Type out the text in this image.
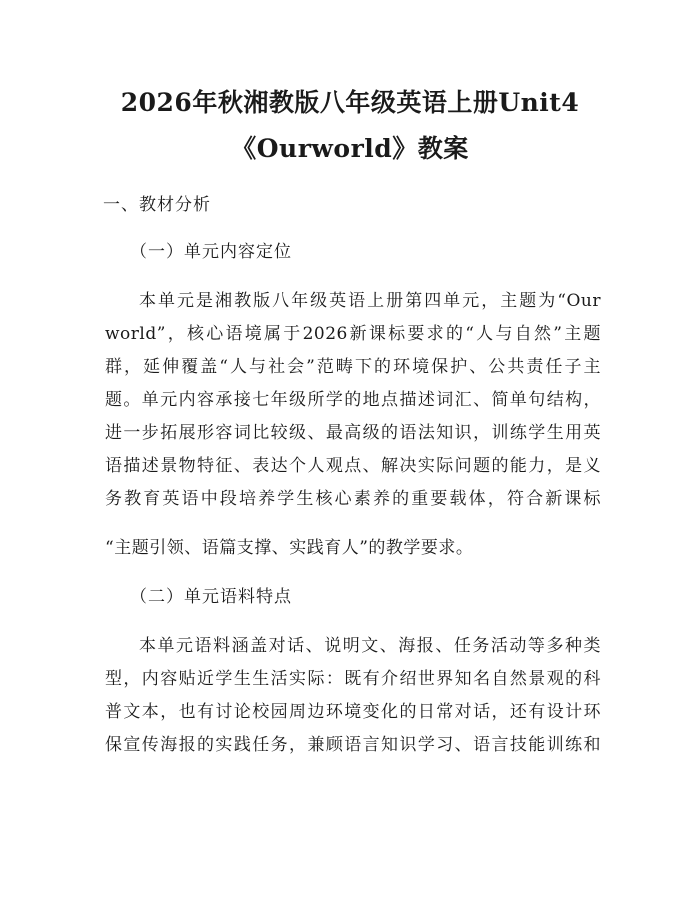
2026年秋湘教版八年级英语上册Unit4
《Ourworld》教案
一、教材分析
（一）单元内容定位
本单元是湘教版八年级英语上册第四单元，主题为“Our
world”，核心语境属于2026新课标要求的“人与自然”主题
群，延伸覆盖“人与社会”范畴下的环境保护、公共责任子主
题。单元内容承接七年级所学的地点描述词汇、简单句结构，
进一步拓展形容词比较级、最高级的语法知识，训练学生用英
语描述景物特征、表达个人观点、解决实际问题的能力，是义
务教育英语中段培养学生核心素养的重要载体，符合新课标
“主题引领、语篇支撑、实践育人”的教学要求。
（二）单元语料特点
本单元语料涵盖对话、说明文、海报、任务活动等多种类
型，内容贴近学生生活实际：既有介绍世界知名自然景观的科
普文本，也有讨论校园周边环境变化的日常对话，还有设计环
保宣传海报的实践任务，兼顾语言知识学习、语言技能训练和
